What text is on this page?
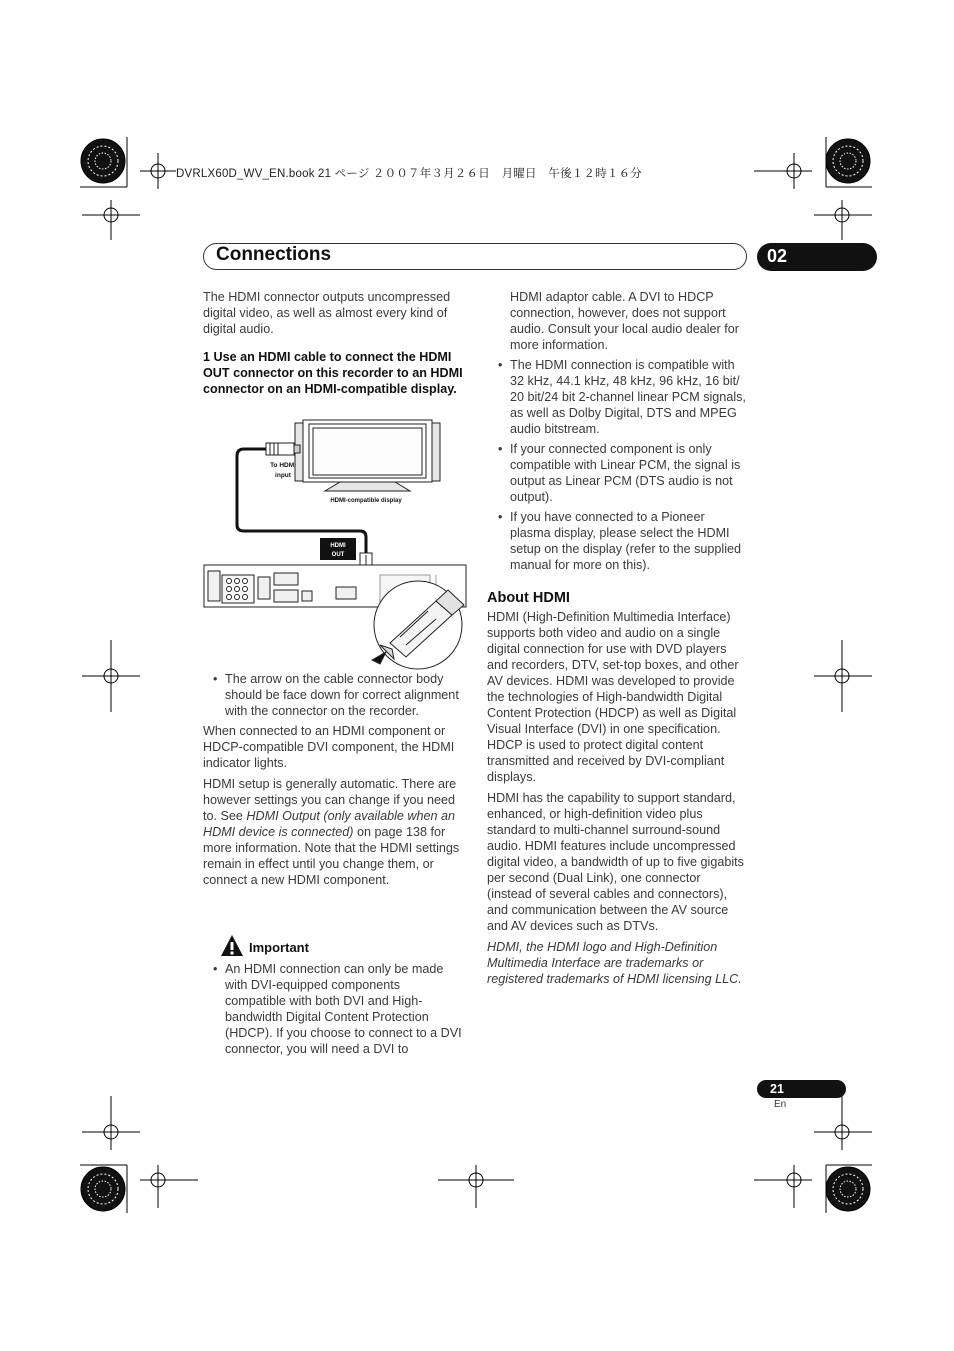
DVRLX60D_WV_EN.book 21 ページ ２００７年３月２６日　月曜日　午後１２時１６分
Connections	02

The HDMI connector outputs uncompressed digital video, as well as almost every kind of digital audio.

1 Use an HDMI cable to connect the HDMI OUT connector on this recorder to an HDMI connector on an HDMI-compatible display.

To HDMI
input
HDMI-compatible display
HDMI
OUT
• The arrow on the cable connector body should be face down for correct alignment with the connector on the recorder.

When connected to an HDMI component or HDCP-compatible DVI component, the HDMI indicator lights.

HDMI setup is generally automatic. There are however settings you can change if you need to. See HDMI Output (only available when an HDMI device is connected) on page 138 for more information. Note that the HDMI settings remain in effect until you change them, or connect a new HDMI component.

Important
• An HDMI connection can only be made with DVI-equipped components compatible with both DVI and High-bandwidth Digital Content Protection (HDCP). If you choose to connect to a DVI connector, you will need a DVI to

HDMI adaptor cable. A DVI to HDCP connection, however, does not support audio. Consult your local audio dealer for more information.

• The HDMI connection is compatible with 32 kHz, 44.1 kHz, 48 kHz, 96 kHz, 16 bit/ 20 bit/24 bit 2-channel linear PCM signals, as well as Dolby Digital, DTS and MPEG audio bitstream.
• If your connected component is only compatible with Linear PCM, the signal is output as Linear PCM (DTS audio is not output).
• If you have connected to a Pioneer plasma display, please select the HDMI setup on the display (refer to the supplied manual for more on this).
About HDMI

HDMI (High-Definition Multimedia Interface) supports both video and audio on a single digital connection for use with DVD players and recorders, DTV, set-top boxes, and other AV devices. HDMI was developed to provide the technologies of High-bandwidth Digital Content Protection (HDCP) as well as Digital Visual Interface (DVI) in one specification. HDCP is used to protect digital content transmitted and received by DVI-compliant displays.

HDMI has the capability to support standard, enhanced, or high-definition video plus standard to multi-channel surround-sound audio. HDMI features include uncompressed digital video, a bandwidth of up to five gigabits per second (Dual Link), one connector (instead of several cables and connectors), and communication between the AV source and AV devices such as DTVs.

HDMI, the HDMI logo and High-Definition Multimedia Interface are trademarks or registered trademarks of HDMI licensing LLC.

21
En
